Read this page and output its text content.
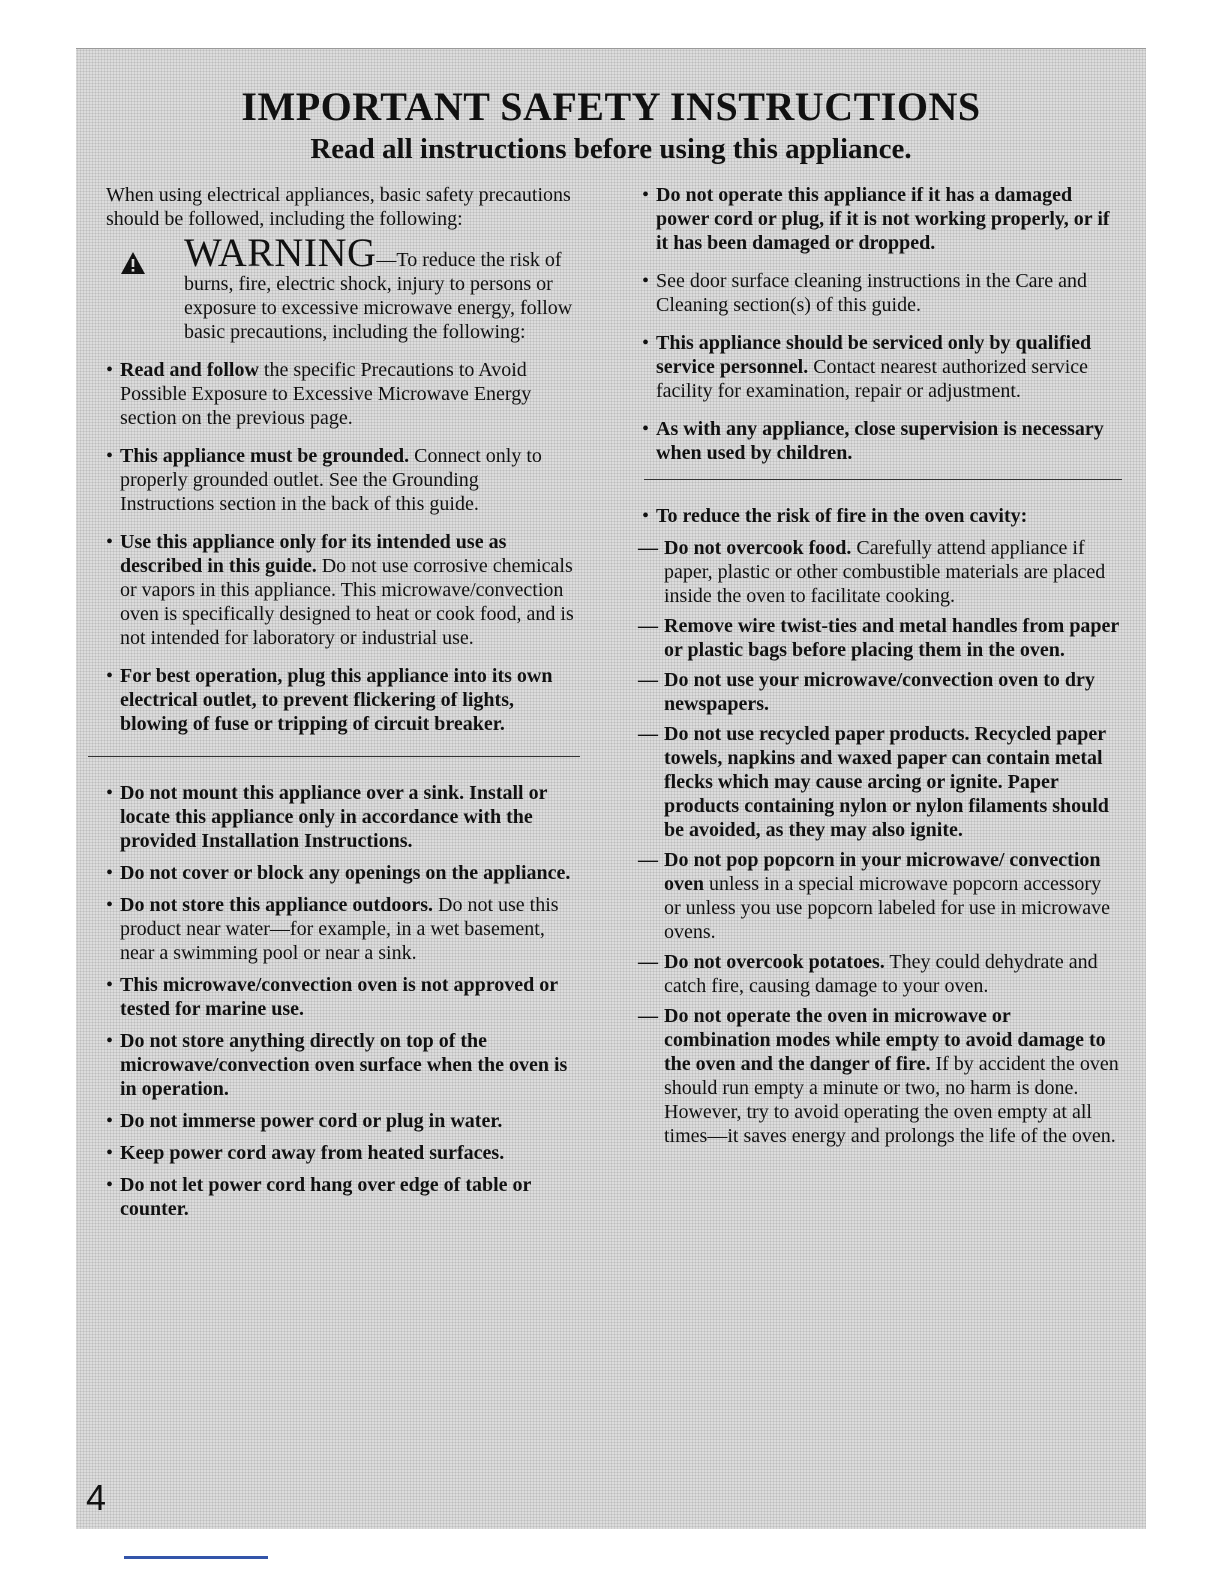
IMPORTANT SAFETY INSTRUCTIONS
Read all instructions before using this appliance.

When using electrical appliances, basic safety precautions should be followed, including the following:

WARNING—To reduce the risk of burns, fire, electric shock, injury to persons or exposure to excessive microwave energy, follow basic precautions, including the following:

• Read and follow the specific Precautions to Avoid Possible Exposure to Excessive Microwave Energy section on the previous page.

• This appliance must be grounded. Connect only to properly grounded outlet. See the Grounding Instructions section in the back of this guide.

• Use this appliance only for its intended use as described in this guide. Do not use corrosive chemicals or vapors in this appliance. This microwave/convection oven is specifically designed to heat or cook food, and is not intended for laboratory or industrial use.

• For best operation, plug this appliance into its own electrical outlet, to prevent flickering of lights, blowing of fuse or tripping of circuit breaker.

• Do not mount this appliance over a sink. Install or locate this appliance only in accordance with the provided Installation Instructions.

• Do not cover or block any openings on the appliance.

• Do not store this appliance outdoors. Do not use this product near water—for example, in a wet basement, near a swimming pool or near a sink.

• This microwave/convection oven is not approved or tested for marine use.

• Do not store anything directly on top of the microwave/convection oven surface when the oven is in operation.

• Do not immerse power cord or plug in water.

• Keep power cord away from heated surfaces.

• Do not let power cord hang over edge of table or counter.

• Do not operate this appliance if it has a damaged power cord or plug, if it is not working properly, or if it has been damaged or dropped.

• See door surface cleaning instructions in the Care and Cleaning section(s) of this guide.

• This appliance should be serviced only by qualified service personnel. Contact nearest authorized service facility for examination, repair or adjustment.

• As with any appliance, close supervision is necessary when used by children.

• To reduce the risk of fire in the oven cavity:

— Do not overcook food. Carefully attend appliance if paper, plastic or other combustible materials are placed inside the oven to facilitate cooking.

— Remove wire twist-ties and metal handles from paper or plastic bags before placing them in the oven.

— Do not use your microwave/convection oven to dry newspapers.

— Do not use recycled paper products. Recycled paper towels, napkins and waxed paper can contain metal flecks which may cause arcing or ignite. Paper products containing nylon or nylon filaments should be avoided, as they may also ignite.

— Do not pop popcorn in your microwave/ convection oven unless in a special microwave popcorn accessory or unless you use popcorn labeled for use in microwave ovens.

— Do not overcook potatoes. They could dehydrate and catch fire, causing damage to your oven.

— Do not operate the oven in microwave or combination modes while empty to avoid damage to the oven and the danger of fire. If by accident the oven should run empty a minute or two, no harm is done. However, try to avoid operating the oven empty at all times—it saves energy and prolongs the life of the oven.

4
